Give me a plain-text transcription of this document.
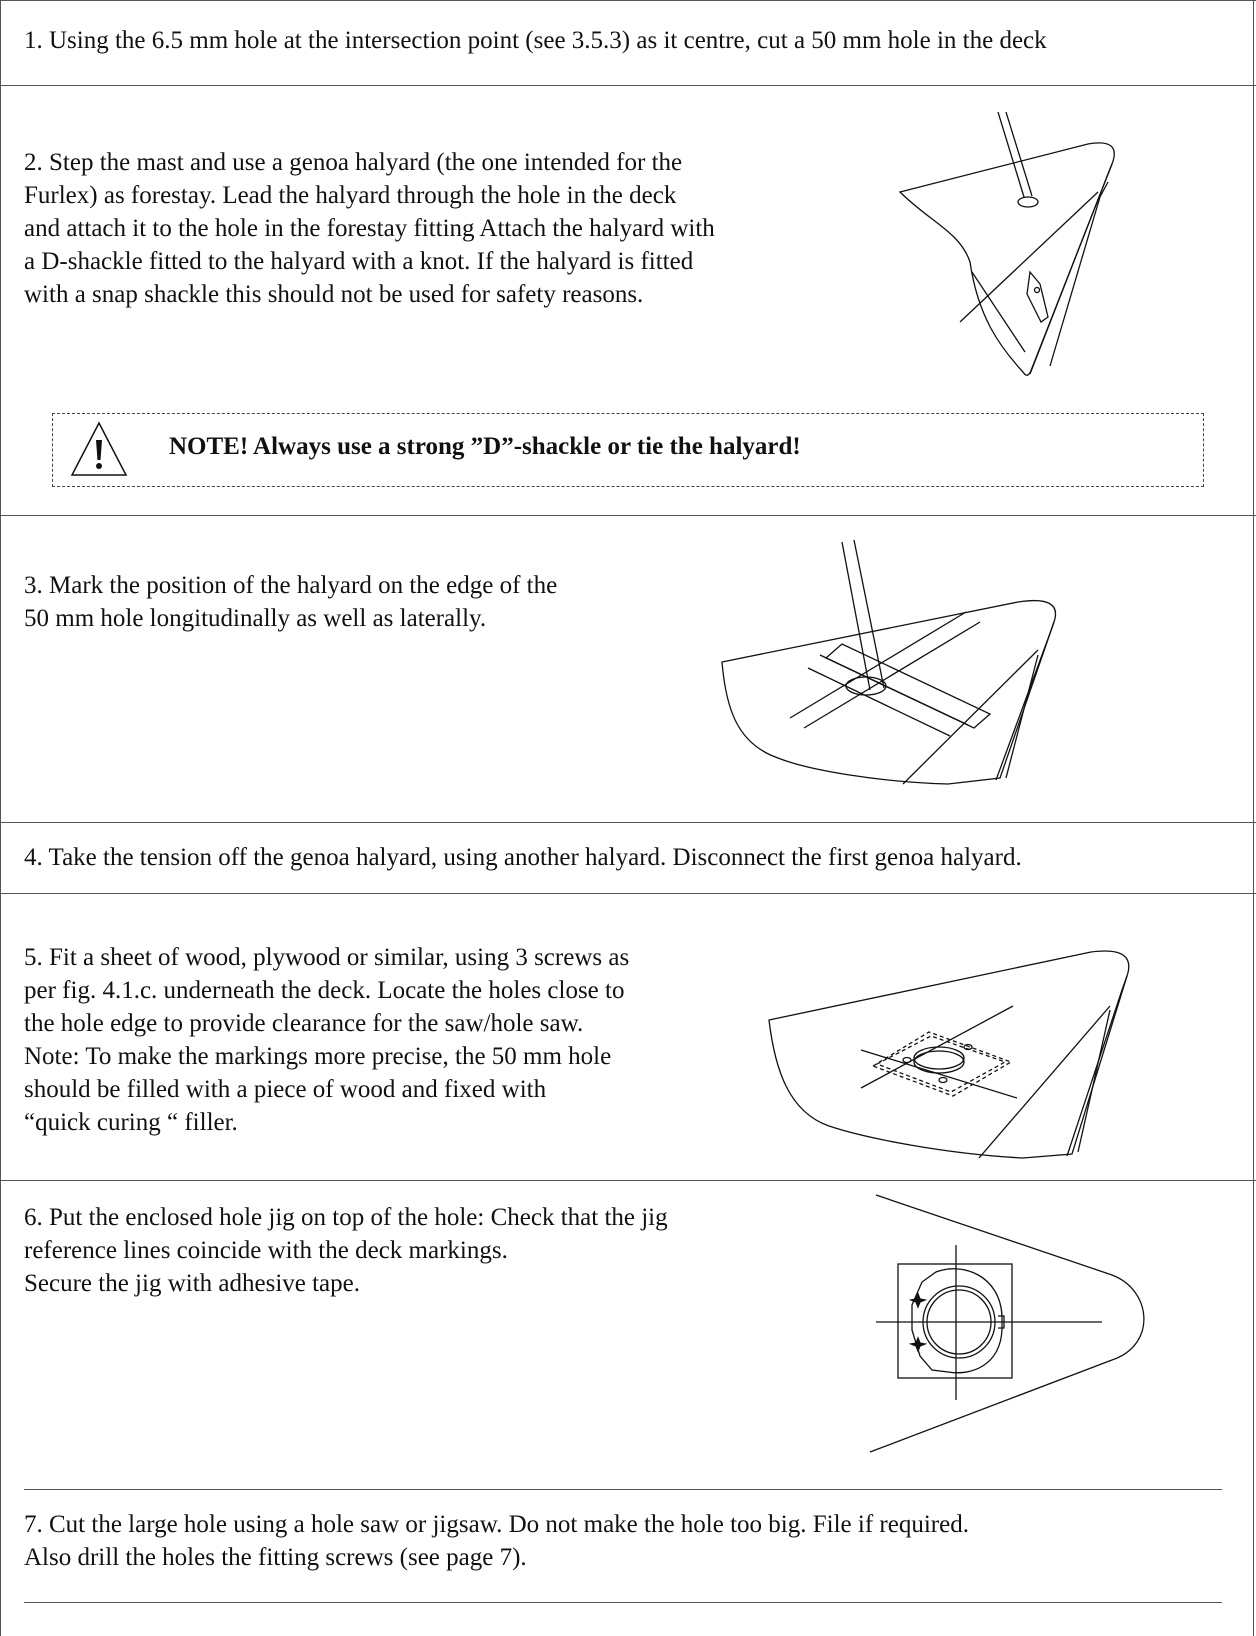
1. Using the 6.5 mm hole at the intersection point (see 3.5.3) as it centre, cut a 50 mm hole in the deck
2. Step the mast and use a genoa halyard (the one intended for the
Furlex) as forestay. Lead the halyard through the hole in the deck
and attach it to the hole in the forestay fitting Attach the halyard with
a D-shackle fitted to the halyard with a knot. If the halyard is fitted
with a snap shackle this should not be used for safety reasons.
NOTE! Always use a strong ”D”-shackle or tie the halyard!
3. Mark the position of the halyard on the edge of the
50 mm hole longitudinally as well as laterally.
4. Take the tension off the genoa halyard, using another halyard. Disconnect the first genoa halyard.
5. Fit a sheet of wood, plywood or similar, using 3 screws as
per fig. 4.1.c. underneath the deck. Locate the holes close to
the hole edge to provide clearance for the saw/hole saw.
Note: To make the markings more precise, the 50 mm hole
should be filled with a piece of wood and fixed with
“quick curing “ filler.
6. Put the enclosed hole jig on top of the hole: Check that the jig
reference lines coincide with the deck markings.
Secure the jig with adhesive tape.
7. Cut the large hole using a hole saw or jigsaw. Do not make the hole too big. File if required.
Also drill the holes the fitting screws (see page 7).
